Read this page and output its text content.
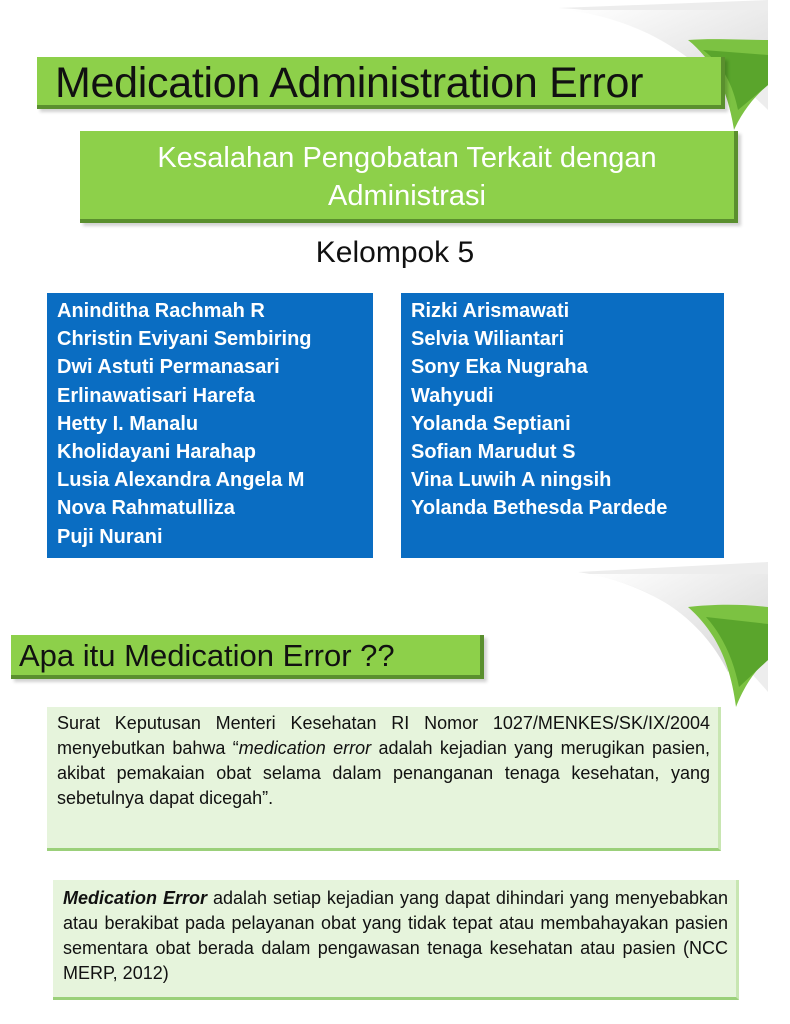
Medication Administration Error
Kesalahan Pengobatan Terkait dengan Administrasi
Kelompok 5
Aninditha Rachmah R
Christin Eviyani Sembiring
Dwi Astuti Permanasari
Erlinawatisari Harefa
Hetty I. Manalu
Kholidayani Harahap
Lusia Alexandra Angela M
Nova Rahmatulliza
Puji Nurani
Rizki Arismawati
Selvia Wiliantari
Sony Eka Nugraha
Wahyudi
Yolanda Septiani
Sofian Marudut S
Vina Luwih A ningsih
Yolanda Bethesda Pardede
Apa itu Medication Error ??

Surat Keputusan Menteri Kesehatan RI Nomor 1027/MENKES/SK/IX/2004 menyebutkan bahwa “medication error adalah kejadian yang merugikan pasien, akibat pemakaian obat selama dalam penanganan tenaga kesehatan, yang sebetulnya dapat dicegah”.

Medication Error adalah setiap kejadian yang dapat dihindari yang menyebabkan atau berakibat pada pelayanan obat yang tidak tepat atau membahayakan pasien sementara obat berada dalam pengawasan tenaga kesehatan atau pasien (NCC MERP, 2012)
